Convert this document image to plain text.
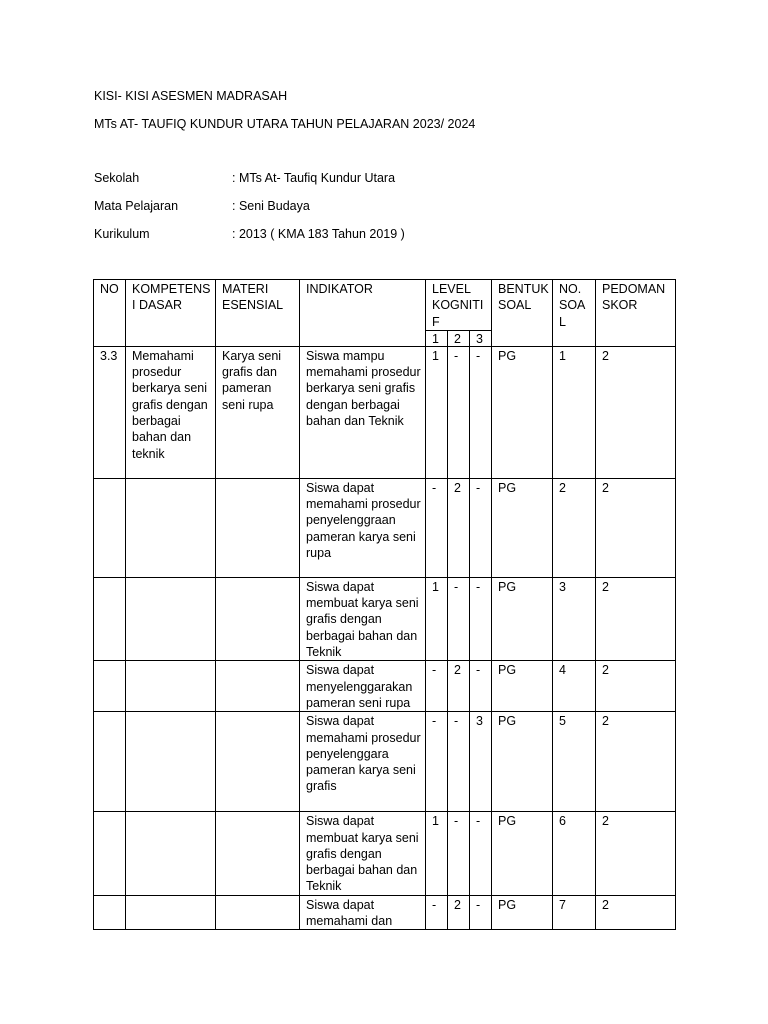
KISI- KISI ASESMEN MADRASAH
MTs AT- TAUFIQ KUNDUR UTARA TAHUN PELAJARAN 2023/ 2024
Sekolah	: MTs At- Taufiq Kundur Utara
Mata Pelajaran	: Seni Budaya
Kurikulum	: 2013 ( KMA 183 Tahun 2019 )
NO	KOMPETENSI DASAR	MATERI ESENSIAL	INDIKATOR	LEVEL KOGNITIF			BENTUK SOAL	NO. SOAL	PEDOMAN SKOR
				1	2	3			
3.3	Memahami prosedur berkarya seni grafis dengan berbagai bahan dan teknik	Karya seni grafis dan pameran seni rupa	Siswa mampu memahami prosedur berkarya seni grafis dengan berbagai bahan dan Teknik	1	-	-	PG	1	2
			Siswa dapat memahami prosedur penyelenggraan pameran karya seni rupa	-	2	-	PG	2	2
			Siswa dapat membuat karya seni grafis dengan berbagai bahan dan Teknik	1	-	-	PG	3	2
			Siswa dapat menyelenggarakan pameran seni rupa	-	2	-	PG	4	2
			Siswa dapat memahami prosedur penyelenggara pameran karya seni grafis	-	-	3	PG	5	2
			Siswa dapat membuat karya seni grafis dengan berbagai bahan dan Teknik	1	-	-	PG	6	2
			Siswa dapat memahami dan	-	2	-	PG	7	2
